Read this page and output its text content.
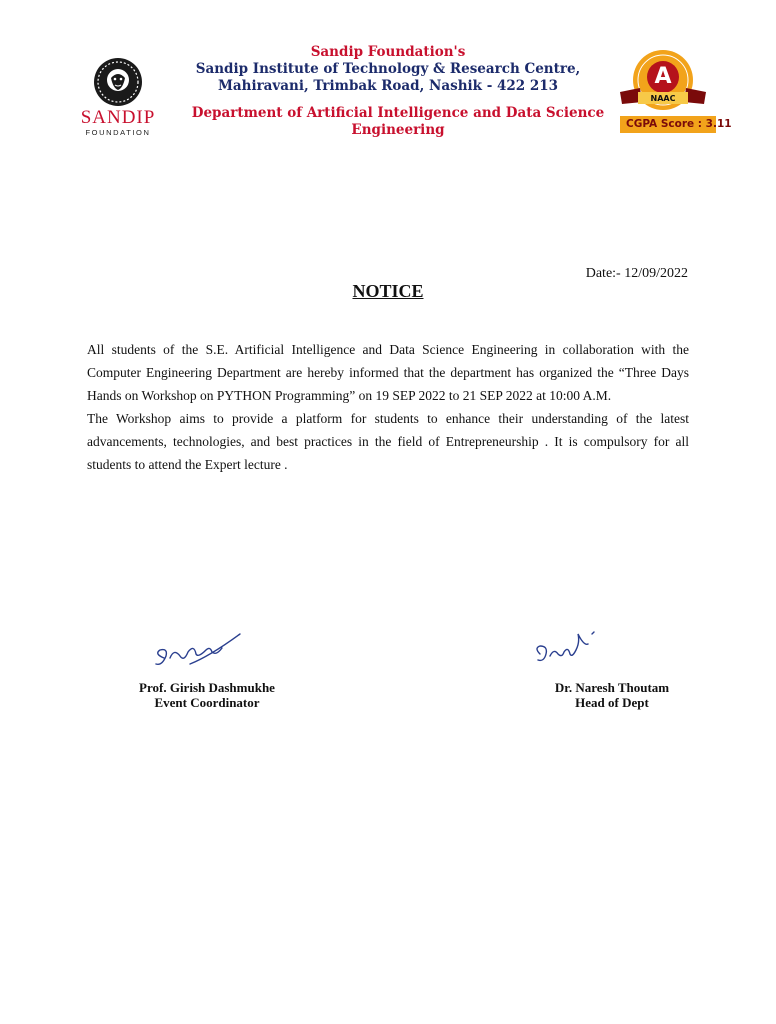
SANDIP
FOUNDATION
Sandip Foundation's
Sandip Institute of Technology & Research Centre,
Mahiravani, Trimbak Road, Nashik - 422 213
Department of Artificial Intelligence and Data Science Engineering
A
NAAC
CGPA Score : 3.11
Date:- 12/09/2022
NOTICE

All students of the S.E. Artificial Intelligence and Data Science Engineering in collaboration with the Computer Engineering Department are hereby informed that the department has organized the “Three Days Hands on Workshop on PYTHON Programming” on 19 SEP 2022 to 21 SEP 2022 at 10:00 A.M.

The Workshop aims to provide a platform for students to enhance their understanding of the latest advancements, technologies, and best practices in the field of Entrepreneurship . It is compulsory for all students to attend the Expert lecture .

Prof. Girish Dashmukhe
Event Coordinator
Dr. Naresh Thoutam
Head of Dept
